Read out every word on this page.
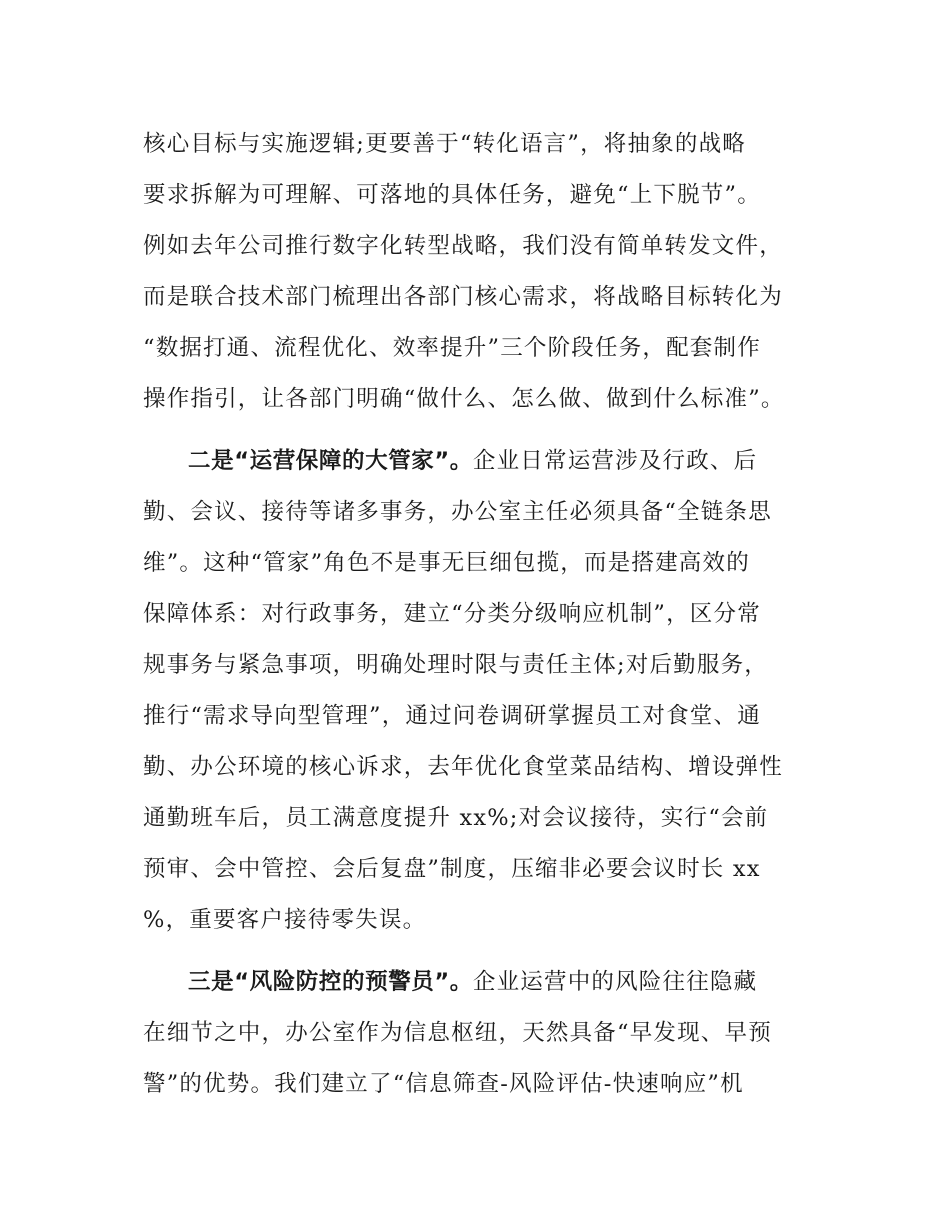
核心目标与实施逻辑;更要善于“转化语言”，将抽象的战略
要求拆解为可理解、可落地的具体任务，避免“上下脱节”。
例如去年公司推行数字化转型战略，我们没有简单转发文件，
而是联合技术部门梳理出各部门核心需求，将战略目标转化为
“数据打通、流程优化、效率提升”三个阶段任务，配套制作
操作指引，让各部门明确“做什么、怎么做、做到什么标准”。
二是“运营保障的大管家”。企业日常运营涉及行政、后
勤、会议、接待等诸多事务，办公室主任必须具备“全链条思
维”。这种“管家”角色不是事无巨细包揽，而是搭建高效的
保障体系：对行政事务，建立“分类分级响应机制”，区分常
规事务与紧急事项，明确处理时限与责任主体;对后勤服务，
推行“需求导向型管理”，通过问卷调研掌握员工对食堂、通
勤、办公环境的核心诉求，去年优化食堂菜品结构、增设弹性
通勤班车后，员工满意度提升 xx%;对会议接待，实行“会前
预审、会中管控、会后复盘”制度，压缩非必要会议时长 xx
%，重要客户接待零失误。
三是“风险防控的预警员”。企业运营中的风险往往隐藏
在细节之中，办公室作为信息枢纽，天然具备“早发现、早预
警”的优势。我们建立了“信息筛查-风险评估-快速响应”机
